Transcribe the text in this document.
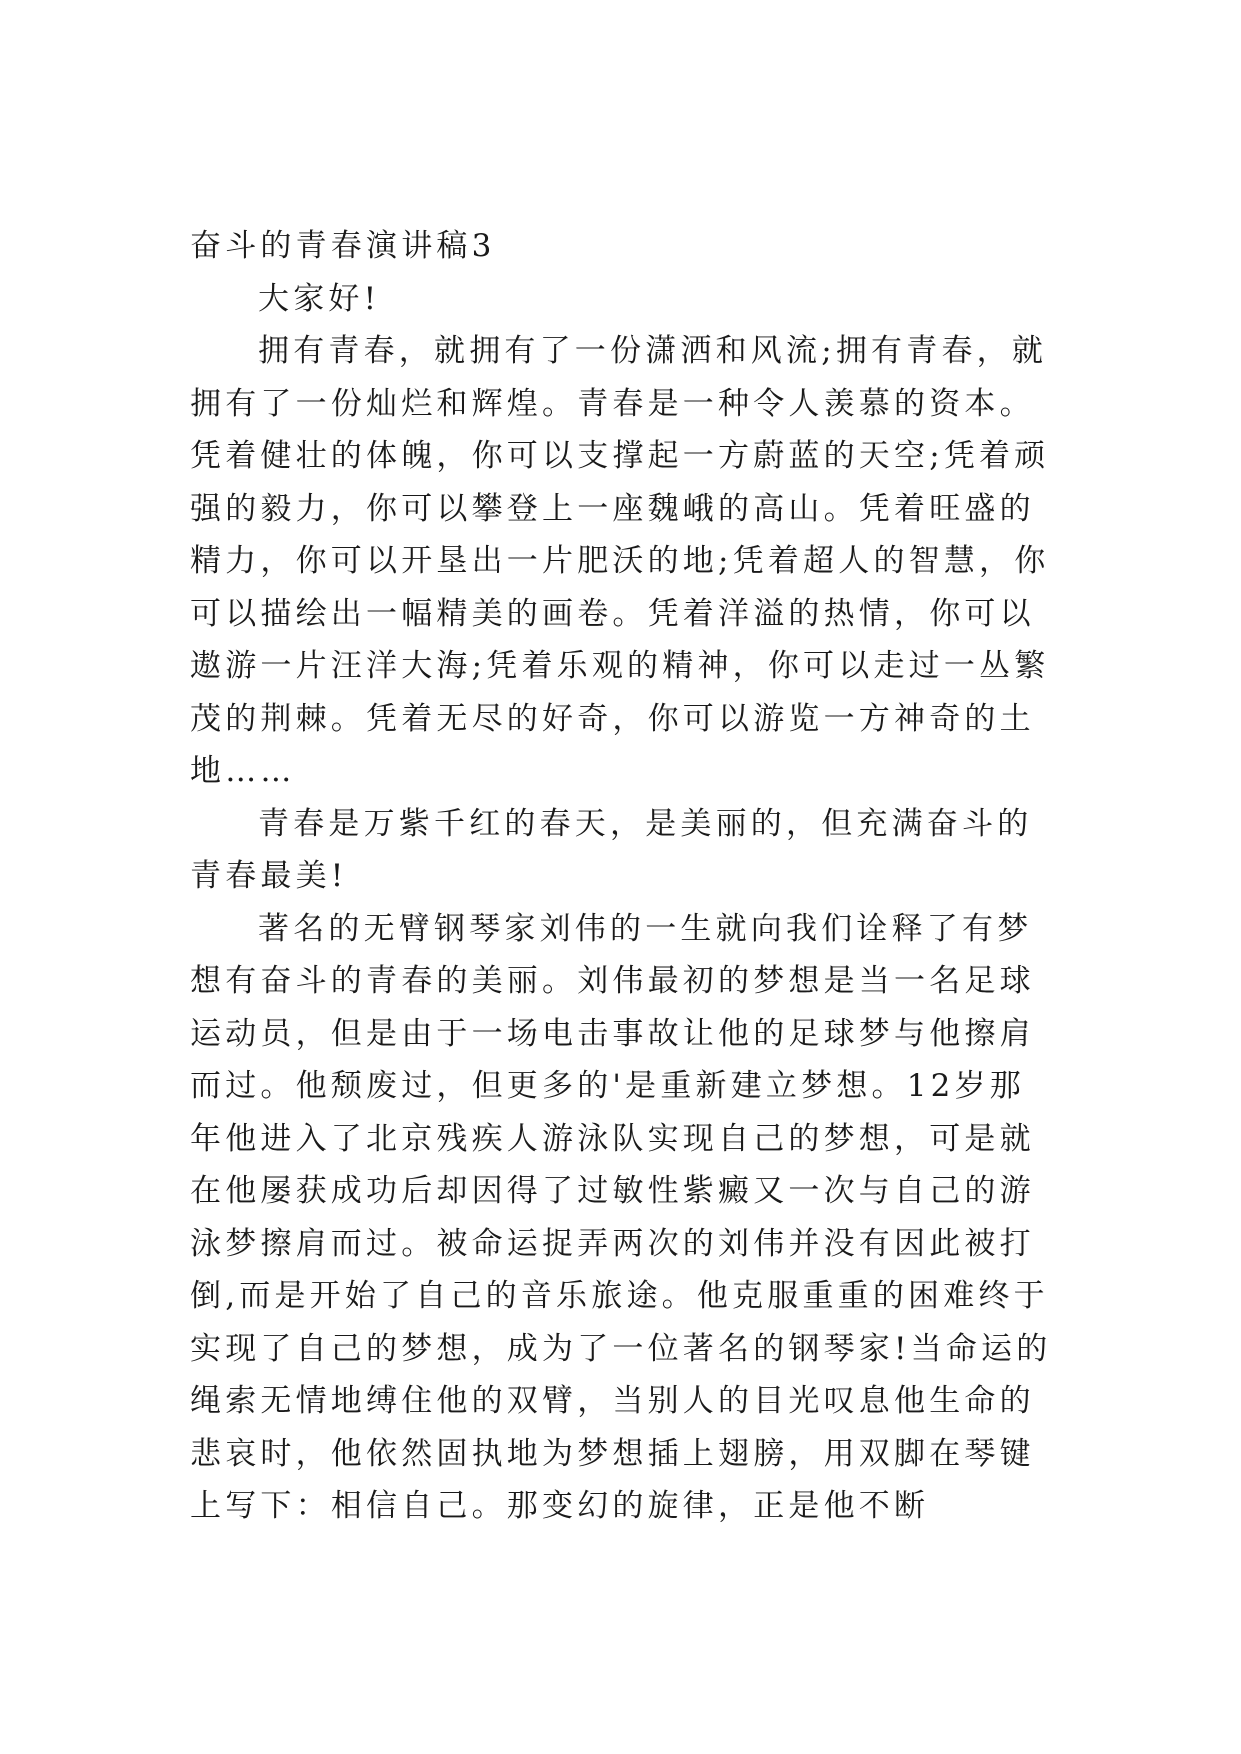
奋斗的青春演讲稿3

大家好!

拥有青春，就拥有了一份潇洒和风流;拥有青春，就拥有了一份灿烂和辉煌。青春是一种令人羡慕的资本。凭着健壮的体魄，你可以支撑起一方蔚蓝的天空;凭着顽强的毅力，你可以攀登上一座魏峨的高山。凭着旺盛的精力，你可以开垦出一片肥沃的地;凭着超人的智慧，你可以描绘出一幅精美的画卷。凭着洋溢的热情，你可以遨游一片汪洋大海;凭着乐观的精神，你可以走过一丛繁茂的荆棘。凭着无尽的好奇，你可以游览一方神奇的土地……

青春是万紫千红的春天，是美丽的，但充满奋斗的青春最美!

著名的无臂钢琴家刘伟的一生就向我们诠释了有梦想有奋斗的青春的美丽。刘伟最初的梦想是当一名足球运动员，但是由于一场电击事故让他的足球梦与他擦肩而过。他颓废过，但更多的'是重新建立梦想。12岁那年他进入了北京残疾人游泳队实现自己的梦想，可是就在他屡获成功后却因得了过敏性紫癜又一次与自己的游泳梦擦肩而过。被命运捉弄两次的刘伟并没有因此被打倒,而是开始了自己的音乐旅途。他克服重重的困难终于实现了自己的梦想，成为了一位著名的钢琴家!当命运的绳索无情地缚住他的双臂，当别人的目光叹息他生命的悲哀时，他依然固执地为梦想插上翅膀，用双脚在琴键上写下：相信自己。那变幻的旋律，正是他不断
